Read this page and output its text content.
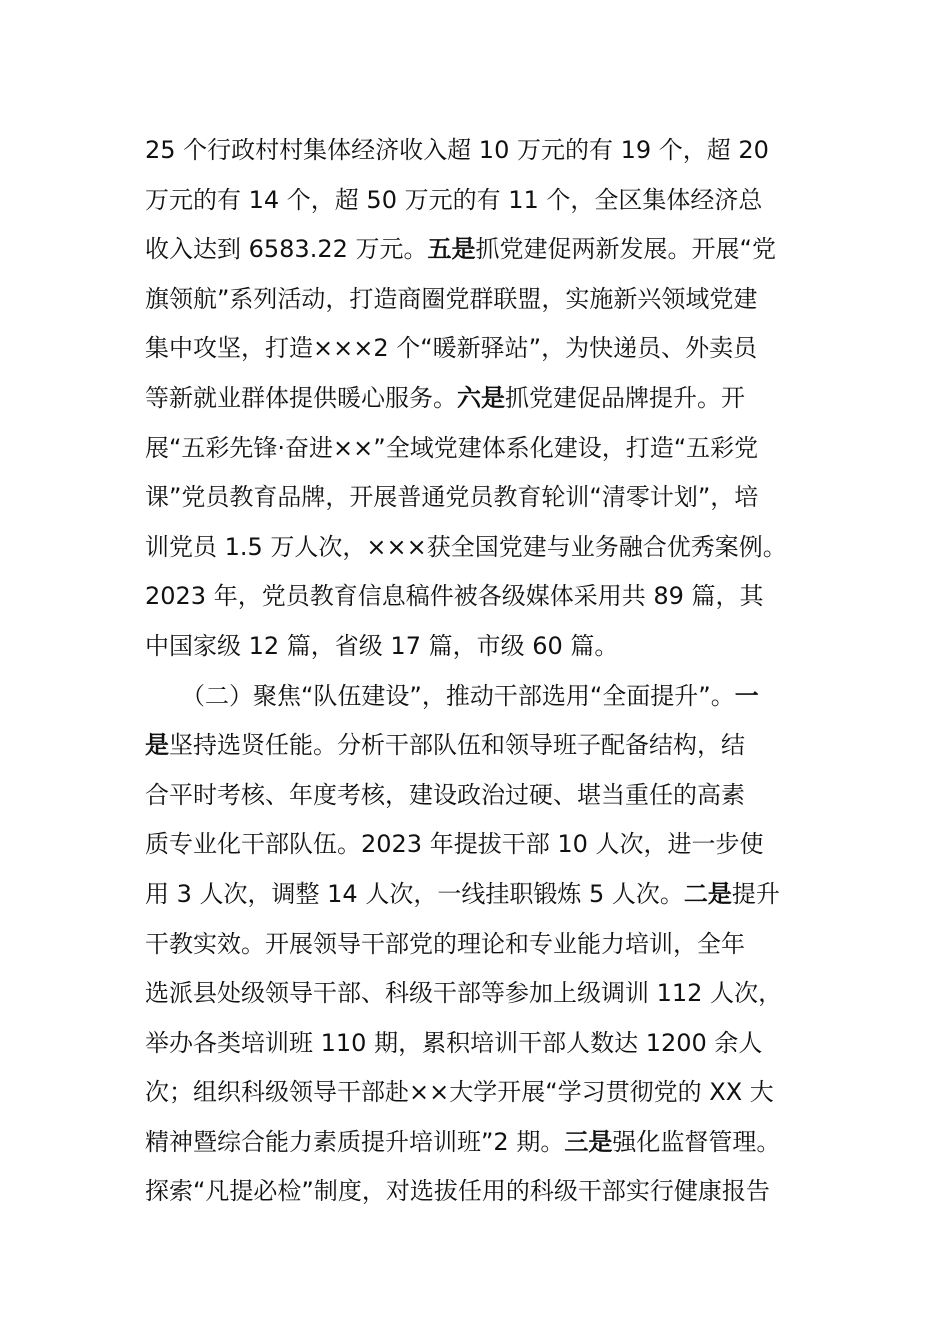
25 个行政村村集体经济收入超 10 万元的有 19 个，超 20
万元的有 14 个，超 50 万元的有 11 个，全区集体经济总
收入达到 6583.22 万元。五是抓党建促两新发展。开展“党
旗领航”系列活动，打造商圈党群联盟，实施新兴领域党建
集中攻坚，打造×××2 个“暖新驿站”，为快递员、外卖员
等新就业群体提供暖心服务。六是抓党建促品牌提升。开
展“五彩先锋·奋进××”全域党建体系化建设，打造“五彩党
课”党员教育品牌，开展普通党员教育轮训“清零计划”，培
训党员 1.5 万人次，×××获全国党建与业务融合优秀案例。
2023 年，党员教育信息稿件被各级媒体采用共 89 篇，其
中国家级 12 篇，省级 17 篇，市级 60 篇。
　　（二）聚焦“队伍建设”，推动干部选用“全面提升”。一
是坚持选贤任能。分析干部队伍和领导班子配备结构，结
合平时考核、年度考核，建设政治过硬、堪当重任的高素
质专业化干部队伍。2023 年提拔干部 10 人次，进一步使
用 3 人次，调整 14 人次，一线挂职锻炼 5 人次。二是提升
干教实效。开展领导干部党的理论和专业能力培训，全年
选派县处级领导干部、科级干部等参加上级调训 112 人次，
举办各类培训班 110 期，累积培训干部人数达 1200 余人
次；组织科级领导干部赴××大学开展“学习贯彻党的 XX 大
精神暨综合能力素质提升培训班”2 期。三是强化监督管理。
探索“凡提必检”制度，对选拔任用的科级干部实行健康报告
